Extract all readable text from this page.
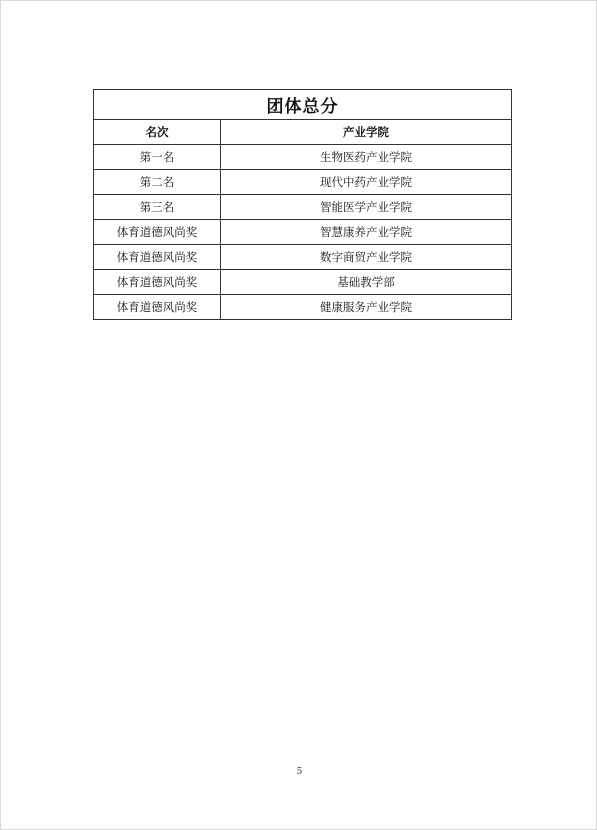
团体总分	
名次	产业学院
第一名	生物医药产业学院
第二名	现代中药产业学院
第三名	智能医学产业学院
体育道德风尚奖	智慧康养产业学院
体育道德风尚奖	数字商贸产业学院
体育道德风尚奖	基础教学部
体育道德风尚奖	健康服务产业学院
5
